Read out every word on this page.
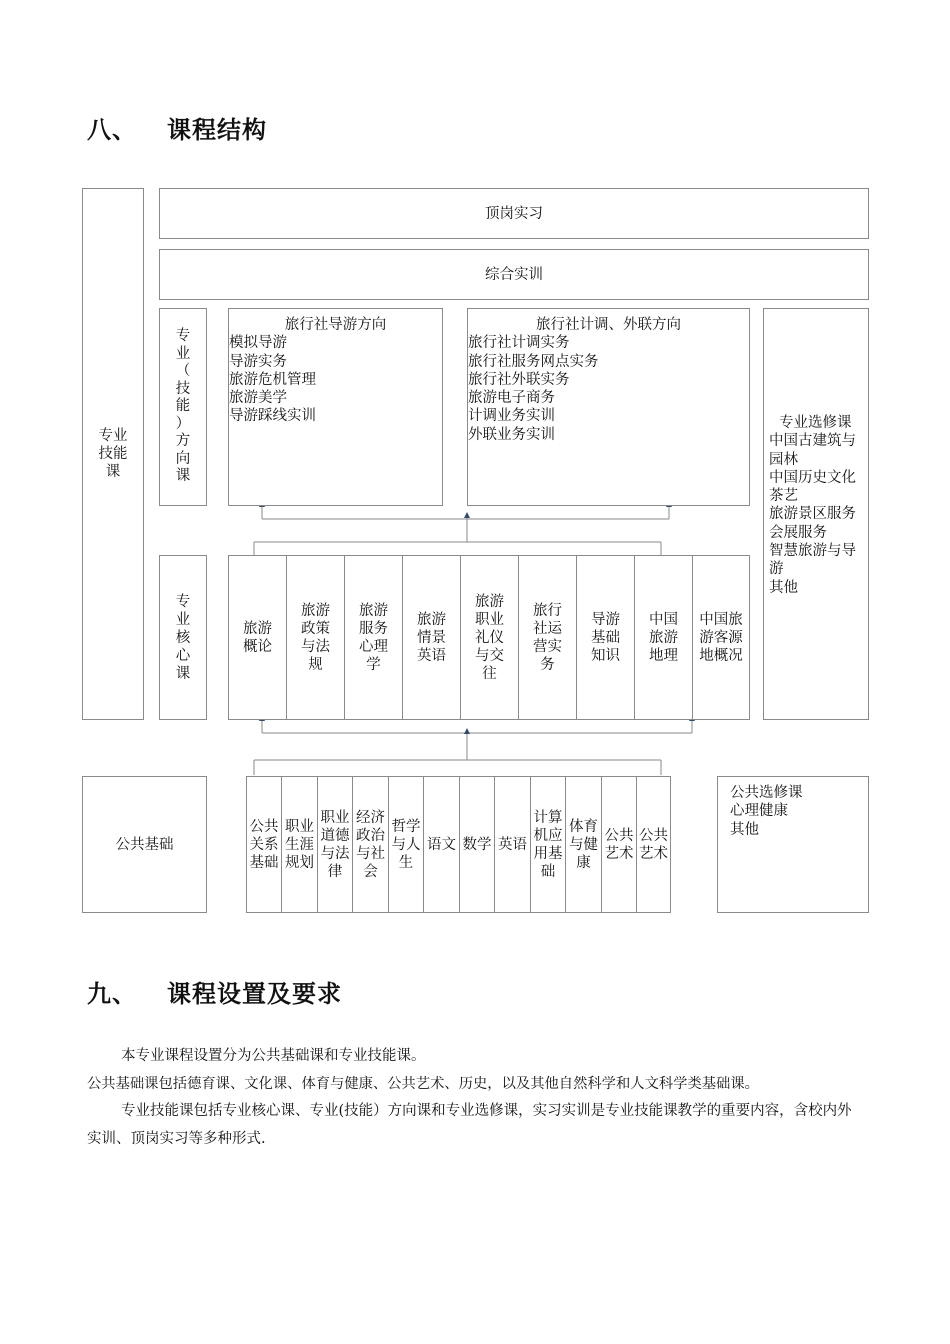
八、 课程结构
专业
技能
课
顶岗实习
综合实训
专
业
（
技
能
）
方
向
课
旅行社导游方向
模拟导游
导游实务
旅游危机管理
旅游美学
导游踩线实训
旅行社计调、外联方向
旅行社计调实务
旅行社服务网点实务
旅行社外联实务
旅游电子商务
计调业务实训
外联业务实训
专业选修课
中国古建筑与
园林
中国历史文化
茶艺
旅游景区服务
会展服务
智慧旅游与导
游
其他
专
业
核
心
课
旅游
概论
旅游
政策
与法
规
旅游
服务
心理
学
旅游
情景
英语
旅游
职业
礼仪
与交
往
旅行
社运
营实
务
导游
基础
知识
中国
旅游
地理
中国旅
游客源
地概况
公共基础
公共
关系
基础
职业
生涯
规划
职业
道德
与法
律
经济
政治
与社
会
哲学
与人
生
语文 数学 英语
计算
机应
用基
础
体育
与健
康
公共
艺术
公共
艺术
公共选修课
心理健康
其他
九、 课程设置及要求
本专业课程设置分为公共基础课和专业技能课。
公共基础课包括德育课、文化课、体育与健康、公共艺术、历史，以及其他自然科学和人文科学类基础课。
专业技能课包括专业核心课、专业(技能）方向课和专业选修课，实习实训是专业技能课教学的重要内容，含校内外实训、顶岗实习等多种形式.
